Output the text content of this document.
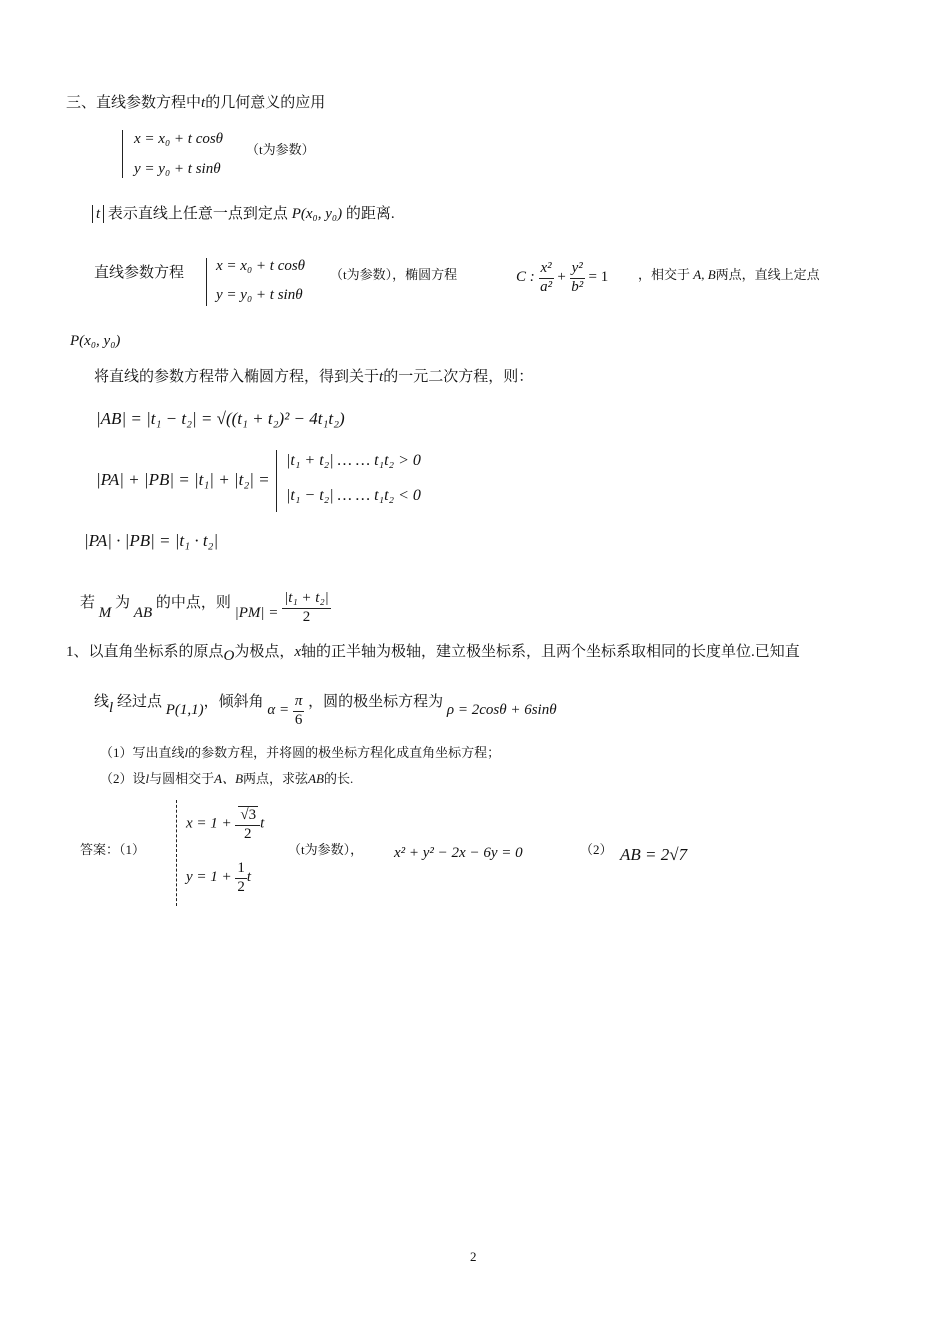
三、直线参数方程中t的几何意义的应用
x = x₀ + t cosθ
y = y₀ + t sinθ
（t为参数）
t 表示直线上任意一点到定点 P(x₀, y₀) 的距离.
直线参数方程 x = x₀ + t cosθ
y = y₀ + t sinθ
（t为参数），椭圆方程	C : $\frac{\text{x²}}{\text{a²}} + \frac{\text{y²}}{\text{b²}} = 1$ ，相交于 A, B两点，直线上定点
P(x₀, y₀)
将直线的参数方程带入椭圆方程，得到关于t的一元二次方程，则：
|AB| = |t₁ − t₂| = √((t₁ + t₂)² − 4t₁t₂)
|PA| + |PB| = |t₁| + |t₂| =
|t₁ + t₂| … … t₁t₂ > 0
|t₁ − t₂| … … t₁t₂ < 0
|PA| · |PB| = |t₁ · t₂|
若 M 为 AB 的中点，则 $|PM| = \frac{\text{|t₁ + t₂|}}{2}$
1、以直角坐标系的原点O为极点，x轴的正半轴为极轴，建立极坐标系，且两个坐标系取相同的长度单位.已知直
线l 经过点 P(1,1)，倾斜角 $\alpha = \frac{\pi}{6}$ ，圆的极坐标方程为 ρ = 2cosθ + 6sinθ
（1）写出直线l的参数方程，并将圆的极坐标方程化成直角坐标方程；
（2）设l与圆相交于A、B两点，求弦AB的长.
答案：（1）
$x = 1 + \frac{√3}{2}$ t
$y = 1 + \frac{1}{2}$ t
（t为参数）， x² + y² − 2x − 6y = 0	（2） AB = 2√7
2
